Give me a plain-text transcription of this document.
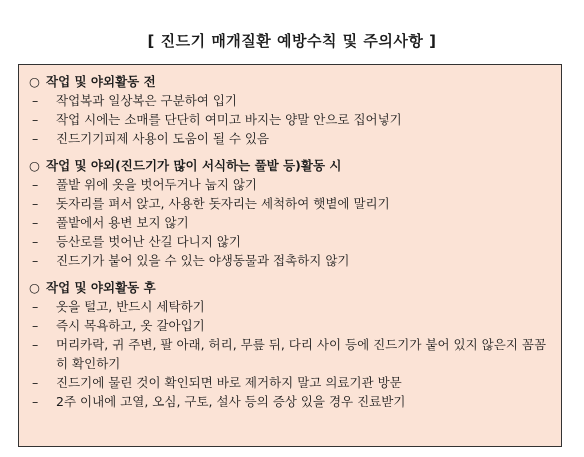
[ 진드기 매개질환 예방수칙 및 주의사항 ]
○ 작업 및 야외활동 전
– 작업복과 일상복은 구분하여 입기
– 작업 시에는 소매를 단단히 여미고 바지는 양말 안으로 집어넣기
– 진드기기피제 사용이 도움이 될 수 있음
○ 작업 및 야외(진드기가 많이 서식하는 풀밭 등)활동 시
– 풀밭 위에 옷을 벗어두거나 눕지 않기
– 돗자리를 펴서 앉고, 사용한 돗자리는 세척하여 햇볕에 말리기
– 풀밭에서 용변 보지 않기
– 등산로를 벗어난 산길 다니지 않기
– 진드기가 붙어 있을 수 있는 야생동물과 접촉하지 않기
○ 작업 및 야외활동 후
– 옷을 털고, 반드시 세탁하기
– 즉시 목욕하고, 옷 갈아입기
– 머리카락, 귀 주변, 팔 아래, 허리, 무릎 뒤, 다리 사이 등에 진드기가 붙어 있지 않은지 꼼꼼히 확인하기
– 진드기에 물린 것이 확인되면 바로 제거하지 말고 의료기관 방문
– 2주 이내에 고열, 오심, 구토, 설사 등의 증상 있을 경우 진료받기
